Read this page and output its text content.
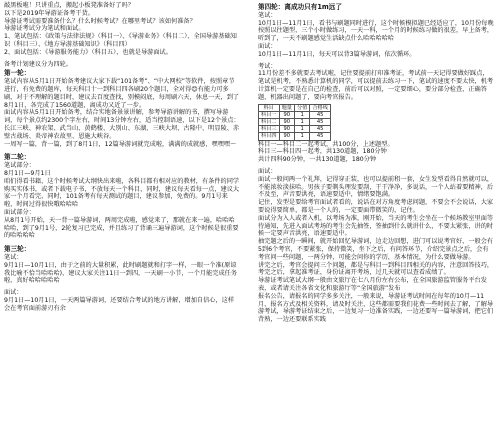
敲黑板啦！只讲重点，搬起小板凳准备好了吗？

以下是2019年导游证备考干货。

导游证考试需要准备什么？什么时候考试？在哪里考试？该如何准备？

导游证考试分为笔试和面试。

1、笔试包括：《政策与法律法规》（科目一）、《导游业务》（科目二）、全国导游基础知识（科目三）、《地方导游基础知识》（科目四）

2、面试包括：《导游服务能力》（科目五），也就是导游面试。

备考计划建议分为四轮。

第一轮：

笔试内容从5月1日开始备考建议大家下载“101备考”、“中大网校”等软件，按照章节进行，有免费的题库，每天科目十一到科目四各刷20个题目，全对得😊有能力可多刷，对于不理解的题目时，建议去百度查找，别模闷底，每周刷六天，休息一天，到了8月1日，各完成了1560道题，离成功又近了一步。

面试内容从5月1日开始备考，结合实地备景景讲解，参考导游讲解的书，撰写导游词，每个景点约2300个字左右，时间13分钟左右，适当控制语速，以下是12个景点：长江三峡、神农架、武当山、黄鹤楼、大别山、东湖、三峡大坝、古隆中、明显陵、赤壁古战场、炎帝神农故里、恩施大峡谷。

一周写一篇，背一篇，到了8月1日，12篇导游词就完成啦，满满的成就感，嘿嘿嘿～

第二轮：

笔试部分：

8月1日—9月1日

咱们得看书籍，这个时候考试大纲快出来啦，各科目都有相对应的教材，有条件的同学购买实体书，或者下载电子书，不放每天一个科目，同时，建议每天看每一点，建议大家一个月看完，同时，101备考有每天测试的题目，建议参加，免费的。9月1号来啦，时间过得很快哦哈哈哈

面试部分：

从8月1号开始，天一背一篇导游词，两周完成啦，感觉来了，那就在来一遍，哈哈哈哈哈，到了9月1号，2轮复习已完成，并且练习了背诵三遍导游词，这个时候是很重要的哈哈哈哈

第三轮：

笔试：

9月1日—10月1日，由于之前的大量积累，此时刷题就和打字一样，一眼一个准(原谅我比喻不恰当哈哈哈)，建议大家关注11日一到四，一天刷一小节，一个月能完成任务啦，真好哈哈哈哈哈

面试：

9月1日—10月1日，一天两篇导游词，还要结合考试的地方讲解，增加自信心，这样会在考官面前游刃有余

第四轮：离成功只有1m远了

笔试：

10月1日—11月1日，看书与刷题同时进行，这个时候模拟题已经适应了，10月份每晚按照以往题型，三个小时做练习，一天一科，一个月的时候练习做的很差，早上备考，听到了，一天不刷题感觉生活缺点什么哈哈哈哈哈

面试：

10月1日—11月1日，每天可以背3篇导游词，依次循环。

考试：

11月份差不多就要去考试啦，记住要提前打印准考证，考试前一天记得要做好踩点，笔试是机考，不熟悉计算机的同学，可以提前去练习一下，笔试的速度不要太快，机考计算机一定要是在自己的检查，前后可以对照，一定要细心，要分部分检查，正确答题，机器出问题了，要向考官报告。

科目	题量	分值	合格线
科目一	90	1	45
科目二	90	1	45
科目三	90	1	45
科目四	90	1	45

科目一—科目二一起考试，共100分，上述题型。

科目三—科目四一起考，共130道题，180分钟

共计四科90分钟，一共130道题，180分钟

面试：

面试一般问两一个礼拜，记得穿正装，也可以提前租一套，女生发型看得自然就可以，不能浓妆淡抹哈。男孩子要剃头理发要刮，干干净净，多说话，一个人站着要精神，后不及至，声音要洪亮，语速要适中，情绪要饱满。

记住，发型是要给考官面试者看的，说话在对方角度考虑问题，不要会不会说话，大家要说得要简单，都是一个人的，一定要面带微笑的，记住。

面试分为入人或者入机，以考场为准，刚开始，当天的考生会坐在一个候场教室里面等待通知，先进入面试考场的考生会先抽签，签抽到什么就讲什么，不要太紧张，讲的时候一定要声音洪亮，语速要适中。

抽完题之后的一瞬间，就开始回忆导游词，边走边回想，进门可以说考官好，一般会有5到6个考官，不要紧张，保持微笑，坐下之后，有问答环节，介绍完景点之后，会有考官问一些问题，一两分钟，可能会问你的学历，基本情况，为什么要做导游。

讲完之后，考官会提问三个问题，都是与科目一到科目四相关的内容，注意回答技巧，考完之后，拿起准考证，身份证离开考场，过几天就可以查看成绩了。

导游证考试笔试大纲一般由文旅厅在七八月份左右公布，在全国旅游监管服务平台发表，或者请关注各省文化和旅游厅等“全国旅游”发布

报名公告，请报名的同学多多关注，一般来说，导游证考试时间在每年的10月—11月，报名方式及相关资料，请及时关注，这些都需要我们花费一些时间去了解，了解导游考试，导游考证结束之后，一边复习一边准备实践，一边还要写一篇导游词，把它们背熟，一边还要联系实践
